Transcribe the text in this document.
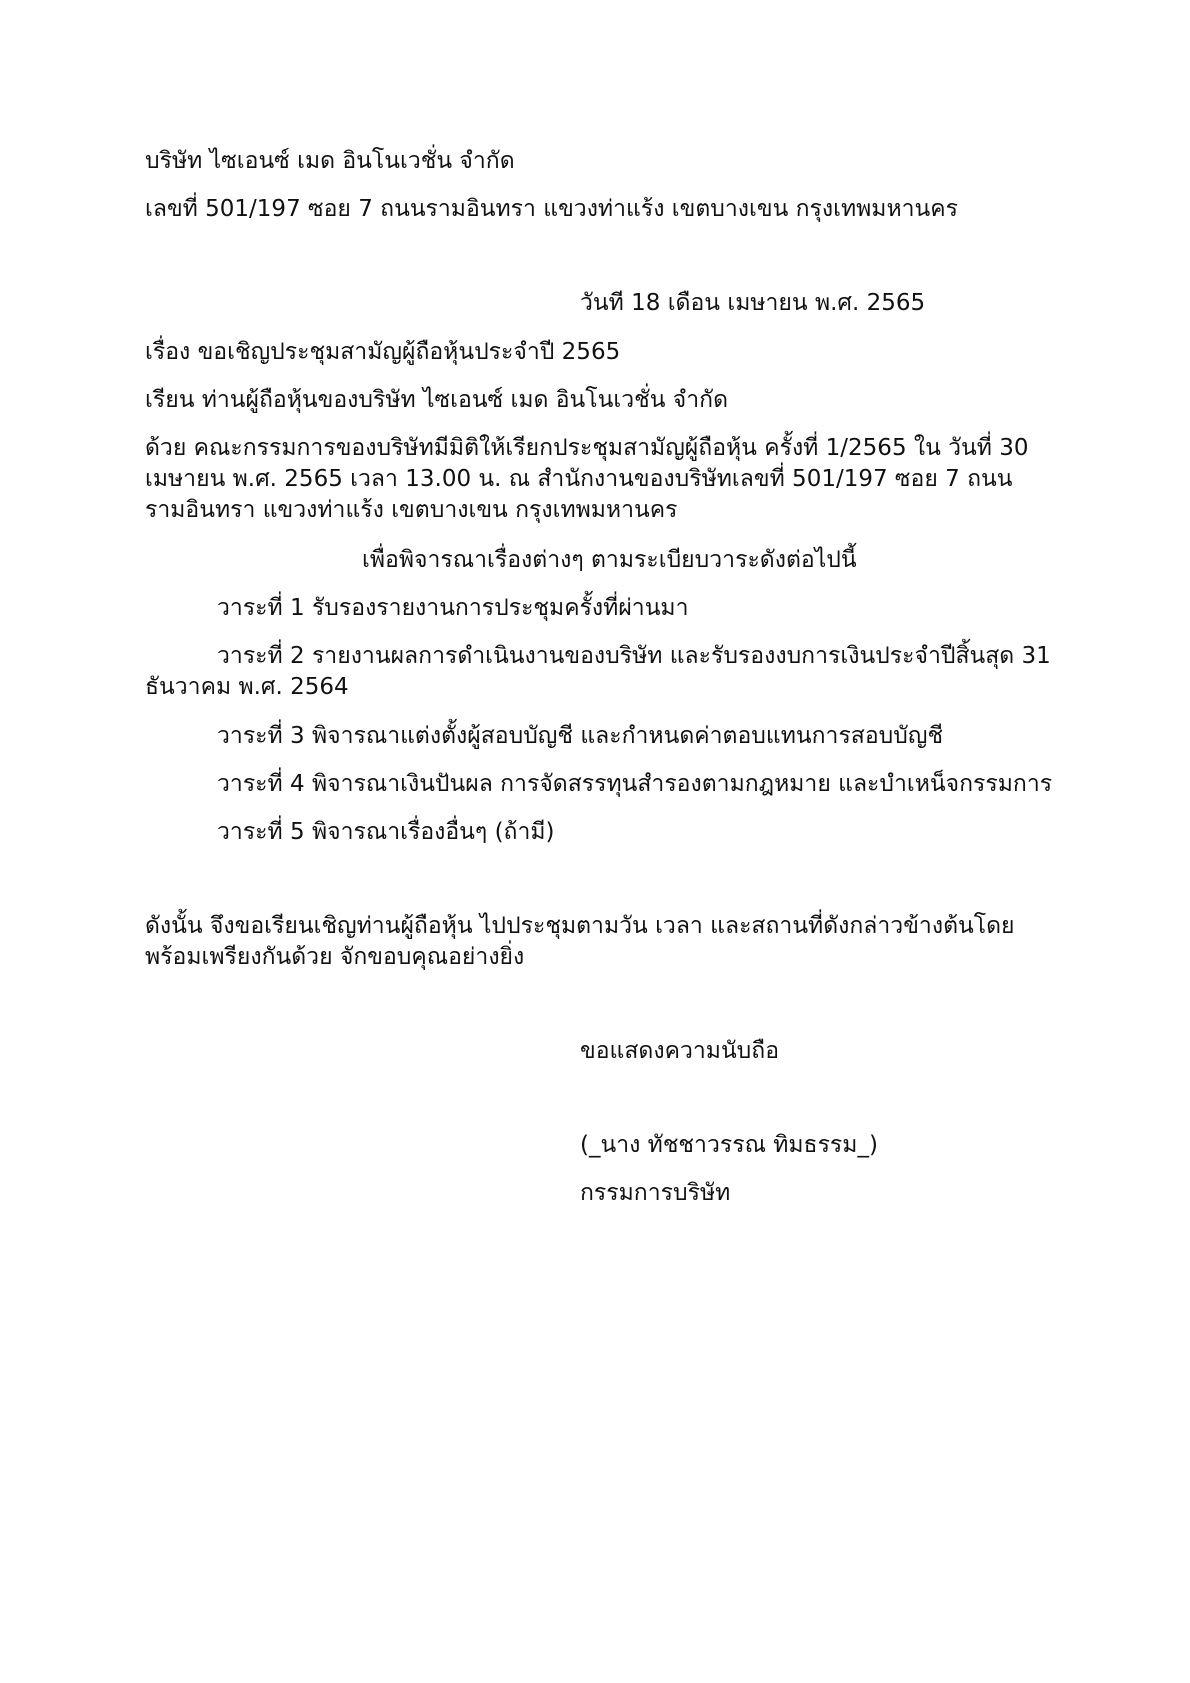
บริษัท ไซเอนซ์ เมด อินโนเวชั่น จำกัด
เลขที่ 501/197 ซอย 7 ถนนรามอินทรา แขวงท่าแร้ง เขตบางเขน กรุงเทพมหานคร
วันที 18 เดือน เมษายน พ.ศ. 2565
เรื่อง ขอเชิญประชุมสามัญผู้ถือหุ้นประจำปี 2565
เรียน ท่านผู้ถือหุ้นของบริษัท ไซเอนซ์ เมด อินโนเวชั่น จำกัด
ด้วย คณะกรรมการของบริษัทมีมิติให้เรียกประชุมสามัญผู้ถือหุ้น ครั้งที่ 1/2565 ใน วันที่ 30
เมษายน พ.ศ. 2565 เวลา 13.00 น. ณ สำนักงานของบริษัทเลขที่ 501/197 ซอย 7 ถนน
รามอินทรา แขวงท่าแร้ง เขตบางเขน กรุงเทพมหานคร
เพื่อพิจารณาเรื่องต่างๆ ตามระเบียบวาระดังต่อไปนี้
วาระที่ 1 รับรองรายงานการประชุมครั้งที่ผ่านมา
วาระที่ 2 รายงานผลการดำเนินงานของบริษัท และรับรองงบการเงินประจำปีสิ้นสุด 31
ธันวาคม พ.ศ. 2564
วาระที่ 3 พิจารณาแต่งตั้งผู้สอบบัญชี และกำหนดค่าตอบแทนการสอบบัญชี
วาระที่ 4 พิจารณาเงินปันผล การจัดสรรทุนสำรองตามกฎหมาย และบำเหน็จกรรมการ
วาระที่ 5 พิจารณาเรื่องอื่นๆ (ถ้ามี)
ดังนั้น จึงขอเรียนเชิญท่านผู้ถือหุ้น ไปประชุมตามวัน เวลา และสถานที่ดังกล่าวข้างต้นโดย
พร้อมเพรียงกันด้วย จักขอบคุณอย่างยิ่ง
ขอแสดงความนับถือ
(_นาง ทัชชาวรรณ ทิมธรรม_)
กรรมการบริษัท
